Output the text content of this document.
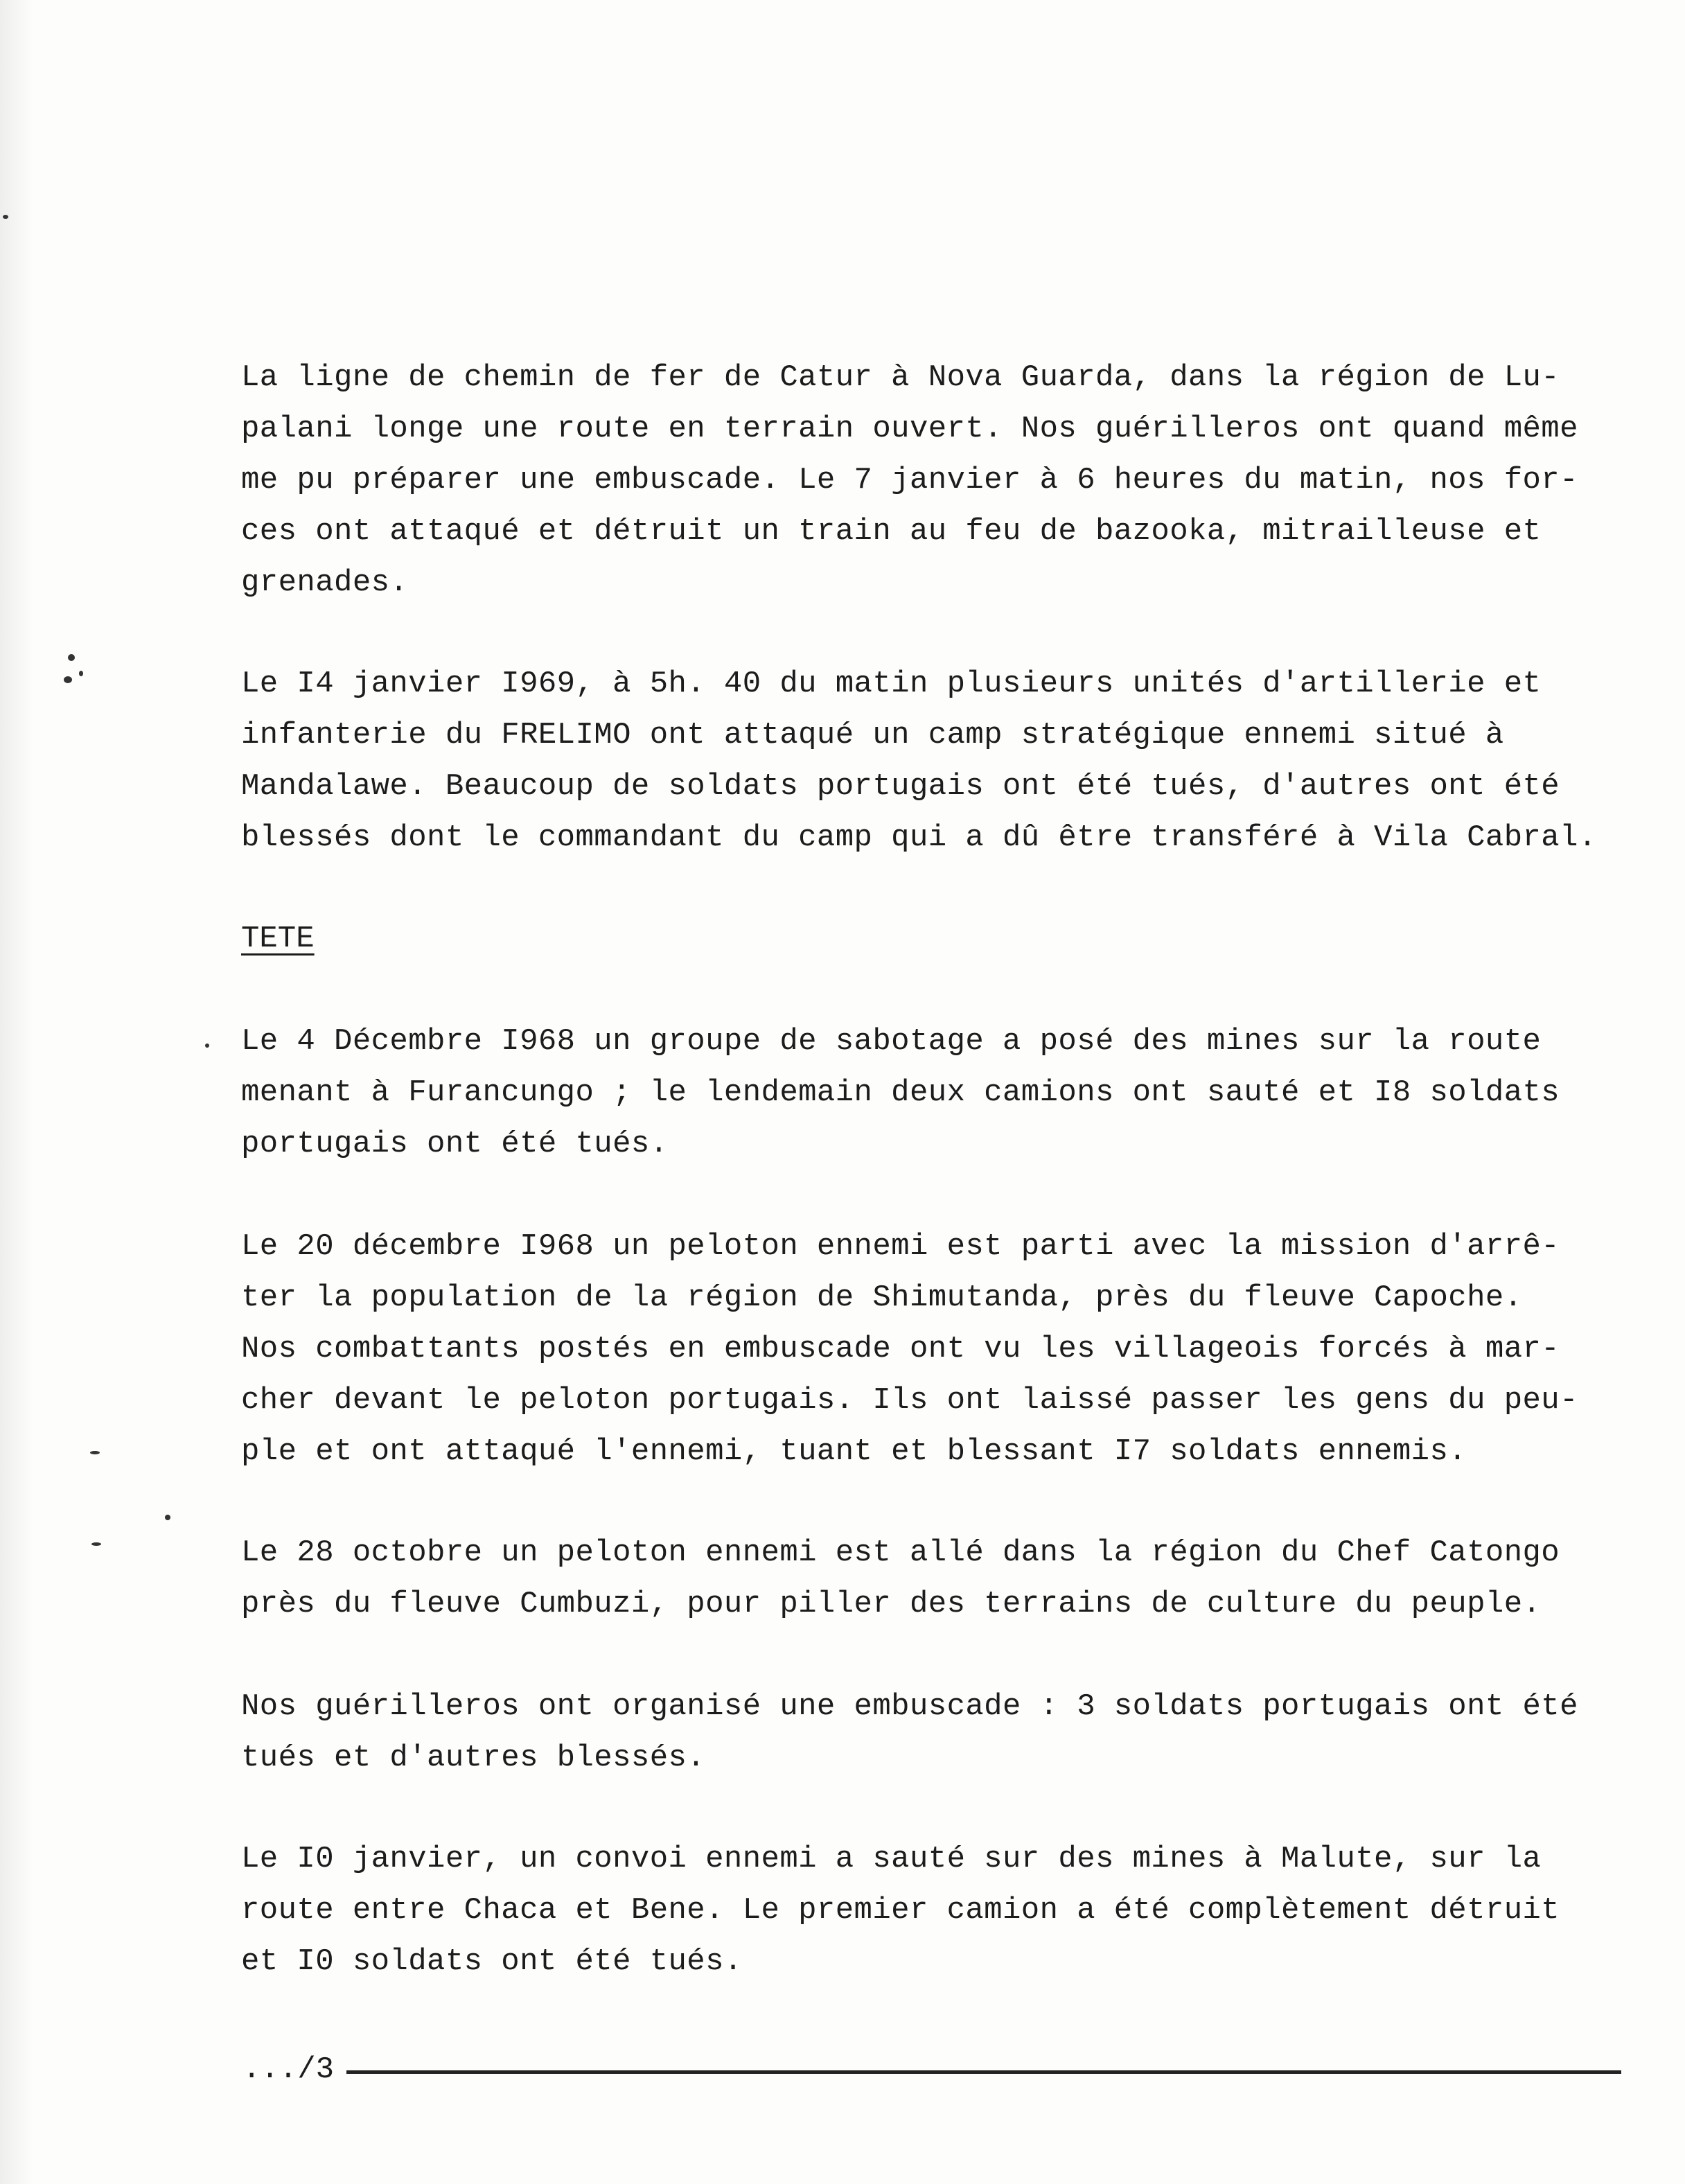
La ligne de chemin de fer de Catur à Nova Guarda, dans la région de Lu-
palani longe une route en terrain ouvert. Nos guérilleros ont quand même
me pu préparer une embuscade. Le 7 janvier à 6 heures du matin, nos for-
ces ont attaqué et détruit un train au feu de bazooka, mitrailleuse et
grenades.

Le I4 janvier I969, à 5h. 40 du matin plusieurs unités d'artillerie et
infanterie du FRELIMO ont attaqué un camp stratégique ennemi situé à
Mandalawe. Beaucoup de soldats portugais ont été tués, d'autres ont été
blessés dont le commandant du camp qui a dû être transféré à Vila Cabral.

TETE

Le 4 Décembre I968 un groupe de sabotage a posé des mines sur la route
menant à Furancungo ; le lendemain deux camions ont sauté et I8 soldats
portugais ont été tués.

Le 20 décembre I968 un peloton ennemi est parti avec la mission d'arrê-
ter la population de la région de Shimutanda, près du fleuve Capoche.
Nos combattants postés en embuscade ont vu les villageois forcés à mar-
cher devant le peloton portugais. Ils ont laissé passer les gens du peu-
ple et ont attaqué l'ennemi, tuant et blessant I7 soldats ennemis.

Le 28 octobre un peloton ennemi est allé dans la région du Chef Catongo
près du fleuve Cumbuzi, pour piller des terrains de culture du peuple.

Nos guérilleros ont organisé une embuscade : 3 soldats portugais ont été
tués et d'autres blessés.

Le I0 janvier, un convoi ennemi a sauté sur des mines à Malute, sur la
route entre Chaca et Bene. Le premier camion a été complètement détruit
et I0 soldats ont été tués.

.../3
